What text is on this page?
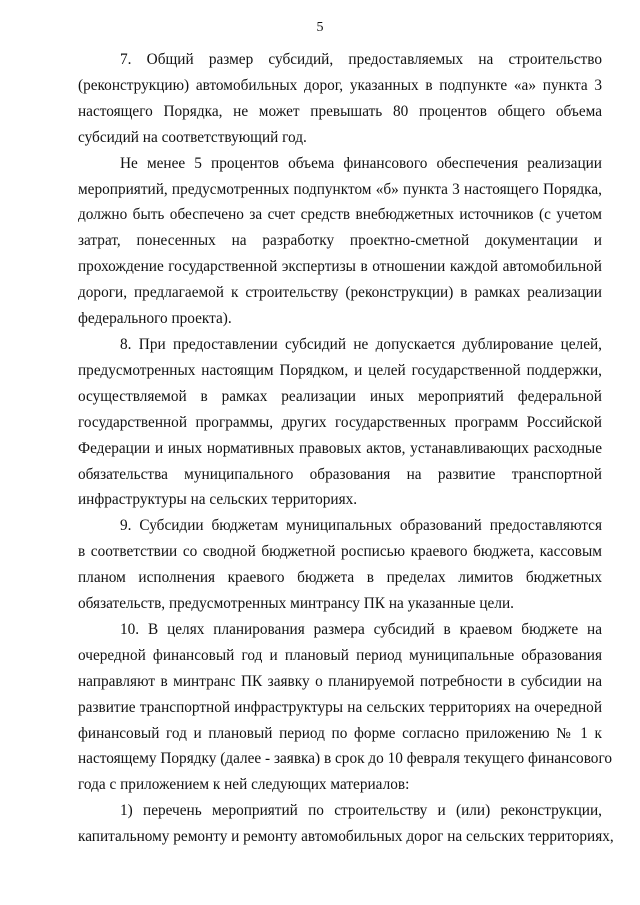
5

7. Общий размер субсидий, предоставляемых на строительство
(реконструкцию) автомобильных дорог, указанных в подпункте «а» пункта 3
настоящего Порядка, не может превышать 80 процентов общего объема
субсидий на соответствующий год.

Не менее 5 процентов объема финансового обеспечения реализации
мероприятий, предусмотренных подпунктом «б» пункта 3 настоящего Порядка,
должно быть обеспечено за счет средств внебюджетных источников (с учетом
затрат, понесенных на разработку проектно-сметной документации и
прохождение государственной экспертизы в отношении каждой автомобильной
дороги, предлагаемой к строительству (реконструкции) в рамках реализации
федерального проекта).

8. При предоставлении субсидий не допускается дублирование целей,
предусмотренных настоящим Порядком, и целей государственной поддержки,
осуществляемой в рамках реализации иных мероприятий федеральной
государственной программы, других государственных программ Российской
Федерации и иных нормативных правовых актов, устанавливающих расходные
обязательства муниципального образования на развитие транспортной
инфраструктуры на сельских территориях.

9. Субсидии бюджетам муниципальных образований предоставляются
в соответствии со сводной бюджетной росписью краевого бюджета, кассовым
планом исполнения краевого бюджета в пределах лимитов бюджетных
обязательств, предусмотренных минтрансу ПК на указанные цели.

10. В целях планирования размера субсидий в краевом бюджете на
очередной финансовый год и плановый период муниципальные образования
направляют в минтранс ПК заявку о планируемой потребности в субсидии на
развитие транспортной инфраструктуры на сельских территориях на очередной
финансовый год и плановый период по форме согласно приложению № 1 к
настоящему Порядку (далее - заявка) в срок до 10 февраля текущего финансового
года с приложением к ней следующих материалов:

1) перечень мероприятий по строительству и (или) реконструкции,
капитальному ремонту и ремонту автомобильных дорог на сельских территориях,
